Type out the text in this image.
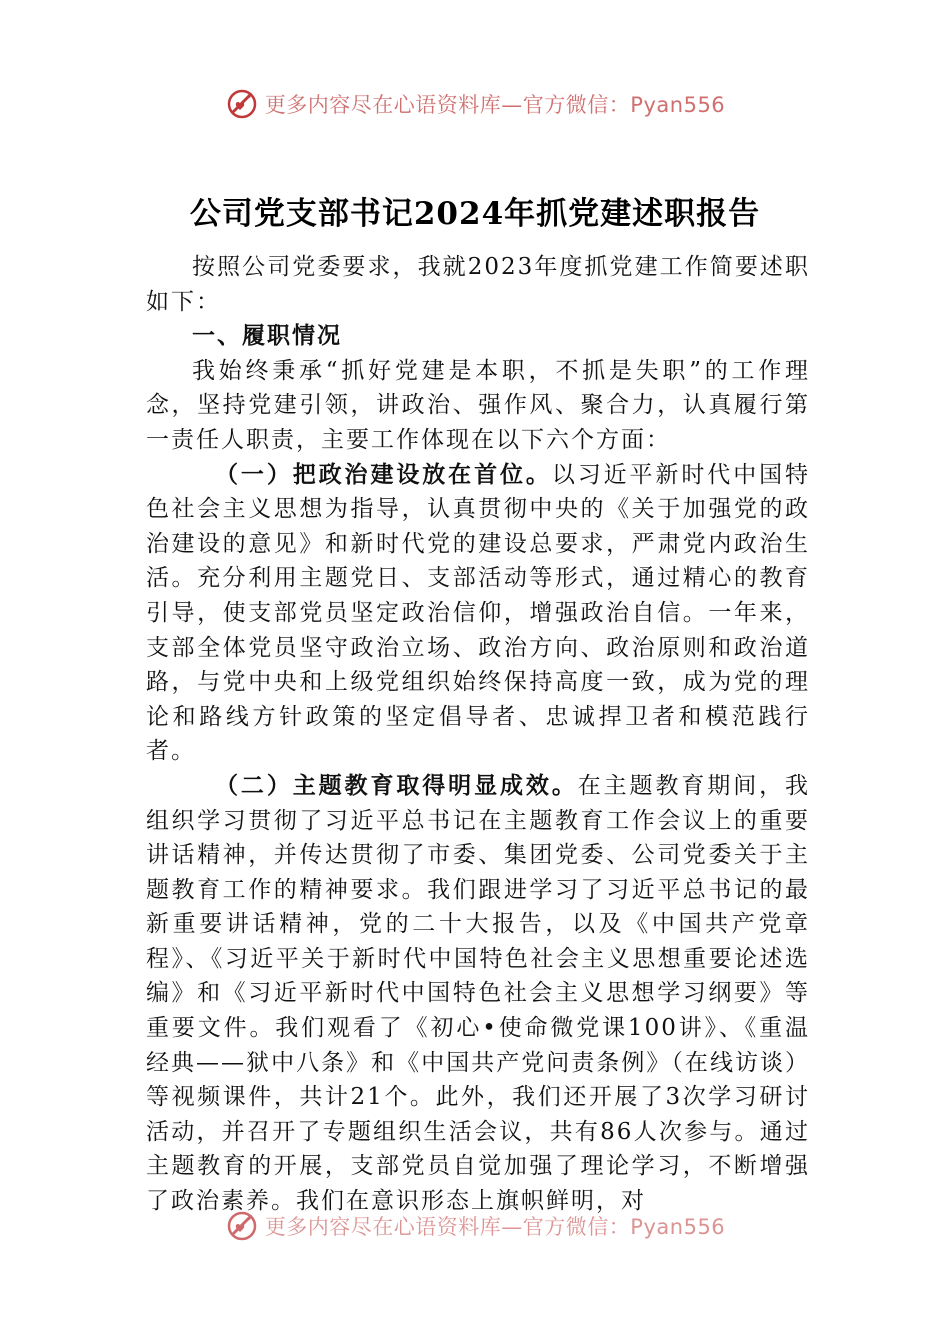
更多内容尽在心语资料库—官方微信：Pyan556
公司党支部书记2024年抓党建述职报告

按照公司党委要求，我就2023年度抓党建工作简要述职如下：

一、履职情况

我始终秉承“抓好党建是本职，不抓是失职”的工作理念，坚持党建引领，讲政治、强作风、聚合力，认真履行第一责任人职责，主要工作体现在以下六个方面：

（一）把政治建设放在首位。以习近平新时代中国特色社会主义思想为指导，认真贯彻中央的《关于加强党的政治建设的意见》和新时代党的建设总要求，严肃党内政治生活。充分利用主题党日、支部活动等形式，通过精心的教育引导，使支部党员坚定政治信仰，增强政治自信。一年来，支部全体党员坚守政治立场、政治方向、政治原则和政治道路，与党中央和上级党组织始终保持高度一致，成为党的理论和路线方针政策的坚定倡导者、忠诚捍卫者和模范践行者。

（二）主题教育取得明显成效。在主题教育期间，我组织学习贯彻了习近平总书记在主题教育工作会议上的重要讲话精神，并传达贯彻了市委、集团党委、公司党委关于主题教育工作的精神要求。我们跟进学习了习近平总书记的最新重要讲话精神，党的二十大报告，以及《中国共产党章程》、《习近平关于新时代中国特色社会主义思想重要论述选编》和《习近平新时代中国特色社会主义思想学习纲要》等重要文件。我们观看了《初心•使命微党课100讲》、《重温经典——狱中八条》和《中国共产党问责条例》（在线访谈）等视频课件，共计21个。此外，我们还开展了3次学习研讨活动，并召开了专题组织生活会议，共有86人次参与。通过主题教育的开展，支部党员自觉加强了理论学习，不断增强了政治素养。我们在意识形态上旗帜鲜明，对

更多内容尽在心语资料库—官方微信：Pyan556
